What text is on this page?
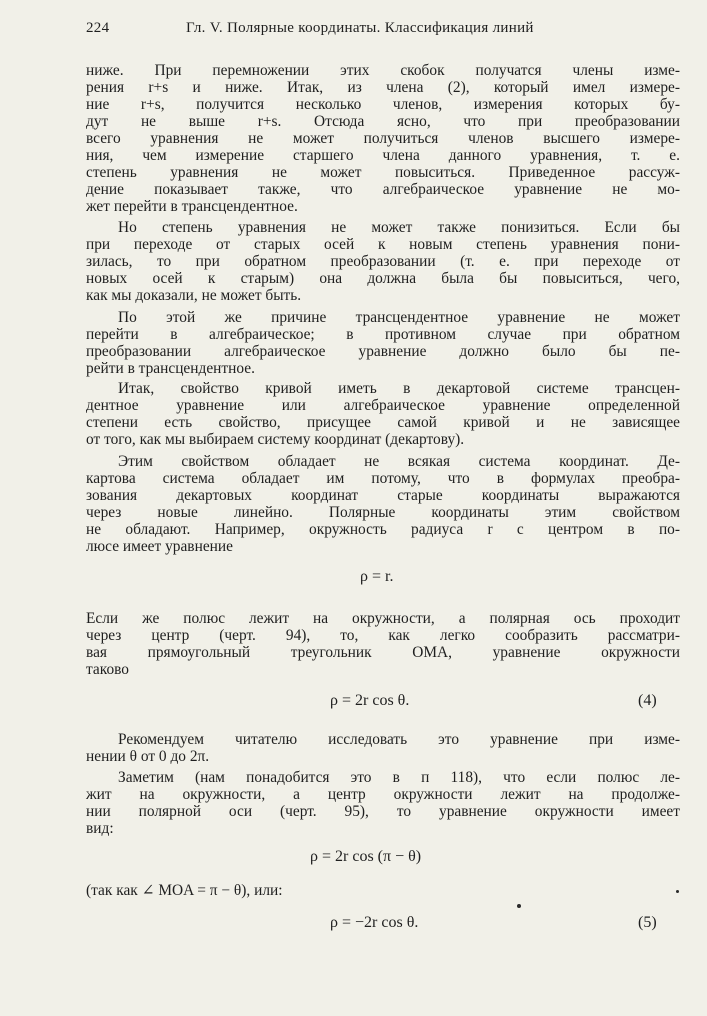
224	Гл. V. Полярные координаты. Классификация линий
ниже. При перемножении этих скобок получатся члены изме-
рения r+s и ниже. Итак, из члена (2), который имел измере-
ние r+s, получится несколько членов, измерения которых бу-
дут не выше r+s. Отсюда ясно, что при преобразовании
всего уравнения не может получиться членов высшего измере-
ния, чем измерение старшего члена данного уравнения, т. е.
степень уравнения не может повыситься. Приведенное рассуж-
дение показывает также, что алгебраическое уравнение не мо-
жет перейти в трансцендентное.
Но степень уравнения не может также понизиться. Если бы
при переходе от старых осей к новым степень уравнения пони-
зилась, то при обратном преобразовании (т. е. при переходе от
новых осей к старым) она должна была бы повыситься, чего,
как мы доказали, не может быть.
По этой же причине трансцендентное уравнение не может
перейти в алгебраическое; в противном случае при обратном
преобразовании алгебраическое уравнение должно было бы пе-
рейти в трансцендентное.
Итак, свойство кривой иметь в декартовой системе трансцен-
дентное уравнение или алгебраическое уравнение определенной
степени есть свойство, присущее самой кривой и не зависящее
от того, как мы выбираем систему координат (декартову).
Этим свойством обладает не всякая система координат. Де-
картова система обладает им потому, что в формулах преобра-
зования декартовых координат старые координаты выражаются
через новые линейно. Полярные координаты этим свойством
не обладают. Например, окружность радиуса r с центром в по-
люсе имеет уравнение
ρ = r.
Если же полюс лежит на окружности, а полярная ось проходит
через центр (черт. 94), то, как легко сообразить рассматри-
вая прямоугольный треугольник OMA, уравнение окружности
таково
ρ = 2r cos θ.	(4)
Рекомендуем читателю исследовать это уравнение при изме-
нении θ от 0 до 2π.
Заметим (нам понадобится это в п 118), что если полюс ле-
жит на окружности, а центр окружности лежит на продолже-
нии полярной оси (черт. 95), то уравнение окружности имеет
вид:
ρ = 2r cos (π − θ)
(так как ∠ MOA = π − θ), или:
ρ = −2r cos θ.	(5)
